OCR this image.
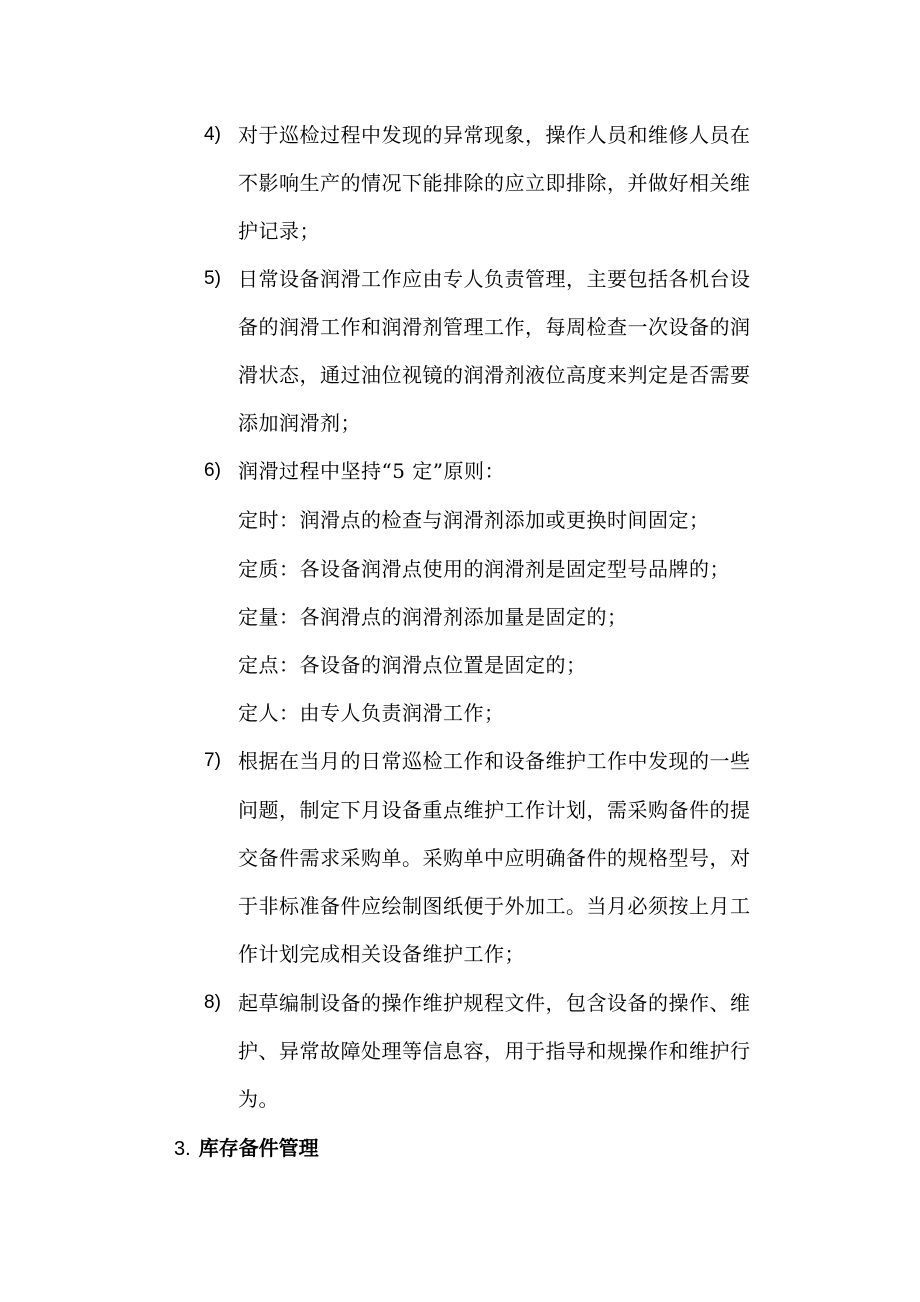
4) 对于巡检过程中发现的异常现象，操作人员和维修人员在
不影响生产的情况下能排除的应立即排除，并做好相关维
护记录；
5) 日常设备润滑工作应由专人负责管理，主要包括各机台设
备的润滑工作和润滑剂管理工作，每周检查一次设备的润
滑状态，通过油位视镜的润滑剂液位高度来判定是否需要
添加润滑剂；
6) 润滑过程中坚持“5 定”原则：
定时：润滑点的检查与润滑剂添加或更换时间固定；
定质：各设备润滑点使用的润滑剂是固定型号品牌的；
定量：各润滑点的润滑剂添加量是固定的；
定点：各设备的润滑点位置是固定的；
定人：由专人负责润滑工作；
7) 根据在当月的日常巡检工作和设备维护工作中发现的一些
问题，制定下月设备重点维护工作计划，需采购备件的提
交备件需求采购单。采购单中应明确备件的规格型号，对
于非标准备件应绘制图纸便于外加工。当月必须按上月工
作计划完成相关设备维护工作；
8) 起草编制设备的操作维护规程文件，包含设备的操作、维
护、异常故障处理等信息容，用于指导和规操作和维护行
为。
3. 库存备件管理
